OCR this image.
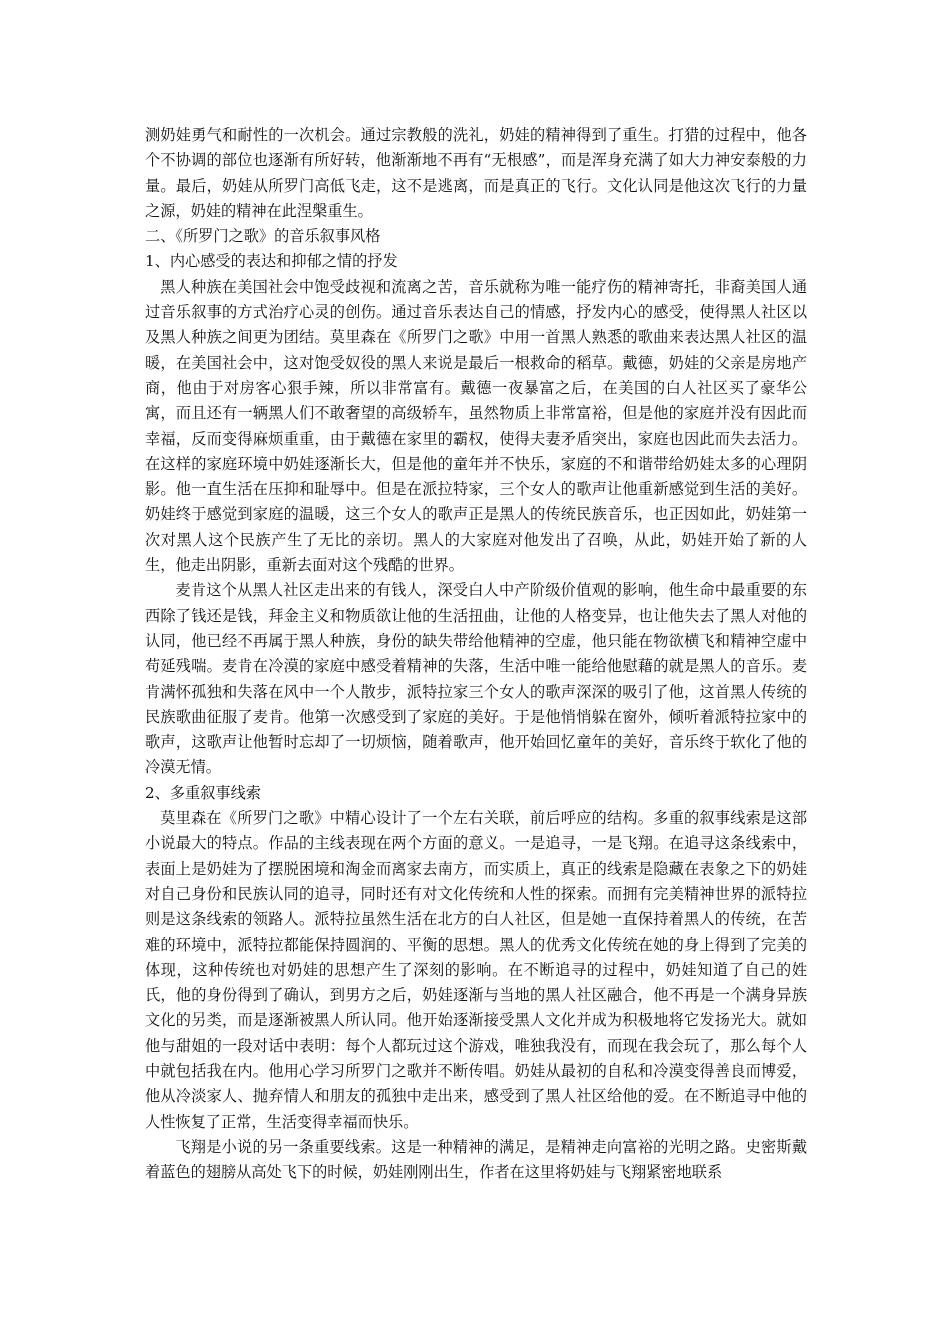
测奶娃勇气和耐性的一次机会。通过宗教般的洗礼，奶娃的精神得到了重生。打猎的过程中，他各个不协调的部位也逐渐有所好转，他渐渐地不再有“无根感”，而是浑身充满了如大力神安泰般的力量。最后，奶娃从所罗门高低飞走，这不是逃离，而是真正的飞行。文化认同是他这次飞行的力量之源，奶娃的精神在此涅槃重生。

二、《所罗门之歌》的音乐叙事风格

1、内心感受的表达和抑郁之情的抒发

黑人种族在美国社会中饱受歧视和流离之苦，音乐就称为唯一能疗伤的精神寄托，非裔美国人通过音乐叙事的方式治疗心灵的创伤。通过音乐表达自己的情感，抒发内心的感受，使得黑人社区以及黑人种族之间更为团结。莫里森在《所罗门之歌》中用一首黑人熟悉的歌曲来表达黑人社区的温暖，在美国社会中，这对饱受奴役的黑人来说是最后一根救命的稻草。戴德，奶娃的父亲是房地产商，他由于对房客心狠手辣，所以非常富有。戴德一夜暴富之后，在美国的白人社区买了豪华公寓，而且还有一辆黑人们不敢奢望的高级轿车，虽然物质上非常富裕，但是他的家庭并没有因此而幸福，反而变得麻烦重重，由于戴德在家里的霸权，使得夫妻矛盾突出，家庭也因此而失去活力。在这样的家庭环境中奶娃逐渐长大，但是他的童年并不快乐，家庭的不和谐带给奶娃太多的心理阴影。他一直生活在压抑和耻辱中。但是在派拉特家，三个女人的歌声让他重新感觉到生活的美好。奶娃终于感觉到家庭的温暖，这三个女人的歌声正是黑人的传统民族音乐，也正因如此，奶娃第一次对黑人这个民族产生了无比的亲切。黑人的大家庭对他发出了召唤，从此，奶娃开始了新的人生，他走出阴影，重新去面对这个残酷的世界。

麦肯这个从黑人社区走出来的有钱人，深受白人中产阶级价值观的影响，他生命中最重要的东西除了钱还是钱，拜金主义和物质欲让他的生活扭曲，让他的人格变异，也让他失去了黑人对他的认同，他已经不再属于黑人种族，身份的缺失带给他精神的空虚，他只能在物欲横飞和精神空虚中苟延残喘。麦肯在冷漠的家庭中感受着精神的失落，生活中唯一能给他慰藉的就是黑人的音乐。麦肯满怀孤独和失落在风中一个人散步，派特拉家三个女人的歌声深深的吸引了他，这首黑人传统的民族歌曲征服了麦肯。他第一次感受到了家庭的美好。于是他悄悄躲在窗外，倾听着派特拉家中的歌声，这歌声让他暂时忘却了一切烦恼，随着歌声，他开始回忆童年的美好，音乐终于软化了他的冷漠无情。

2、多重叙事线索

莫里森在《所罗门之歌》中精心设计了一个左右关联，前后呼应的结构。多重的叙事线索是这部小说最大的特点。作品的主线表现在两个方面的意义。一是追寻，一是飞翔。在追寻这条线索中，表面上是奶娃为了摆脱困境和淘金而离家去南方，而实质上，真正的线索是隐藏在表象之下的奶娃对自己身份和民族认同的追寻，同时还有对文化传统和人性的探索。而拥有完美精神世界的派特拉则是这条线索的领路人。派特拉虽然生活在北方的白人社区，但是她一直保持着黑人的传统，在苦难的环境中，派特拉都能保持圆润的、平衡的思想。黑人的优秀文化传统在她的身上得到了完美的体现，这种传统也对奶娃的思想产生了深刻的影响。在不断追寻的过程中，奶娃知道了自己的姓氏，他的身份得到了确认，到男方之后，奶娃逐渐与当地的黑人社区融合，他不再是一个满身异族文化的另类，而是逐渐被黑人所认同。他开始逐渐接受黑人文化并成为积极地将它发扬光大。就如他与甜姐的一段对话中表明：每个人都玩过这个游戏，唯独我没有，而现在我会玩了，那么每个人中就包括我在内。他用心学习所罗门之歌并不断传唱。奶娃从最初的自私和冷漠变得善良而博爱，他从冷淡家人、抛弃情人和朋友的孤独中走出来，感受到了黑人社区给他的爱。在不断追寻中他的人性恢复了正常，生活变得幸福而快乐。

飞翔是小说的另一条重要线索。这是一种精神的满足，是精神走向富裕的光明之路。史密斯戴着蓝色的翅膀从高处飞下的时候，奶娃刚刚出生，作者在这里将奶娃与飞翔紧密地联系
